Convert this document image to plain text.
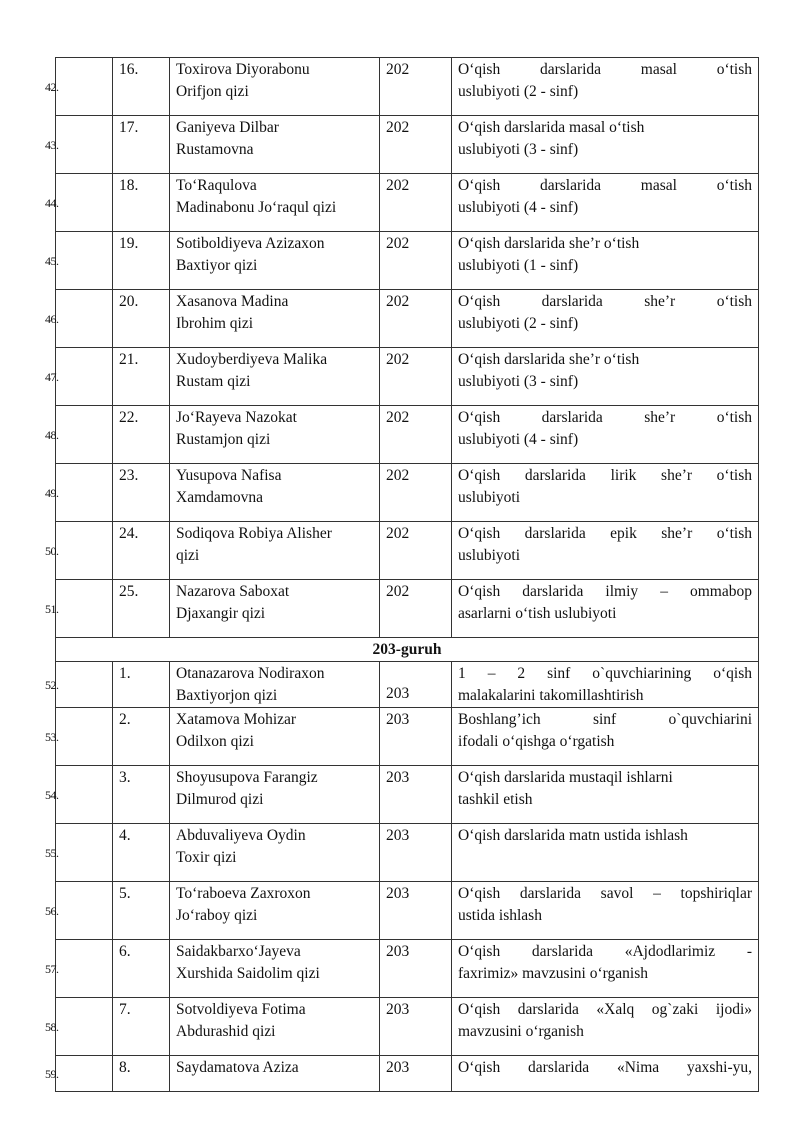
42.	16.	Toxirova Diyorabonu
Orifjon qizi	202	O‘qish darslarida masal o‘tish
uslubiyoti (2 - sinf)

43.	17.	Ganiyeva Dilbar
Rustamovna	202	O‘qish darslarida masal o‘tish
uslubiyoti (3 - sinf)

44.	18.	To‘Raqulova
Madinabonu Jo‘raqul qizi	202	O‘qish darslarida masal o‘tish
uslubiyoti (4 - sinf)

45.	19.	Sotiboldiyeva Azizaxon
Baxtiyor qizi	202	O‘qish darslarida she’r o‘tish
uslubiyoti (1 - sinf)

46.	20.	Xasanova Madina
Ibrohim qizi	202	O‘qish darslarida she’r o‘tish
uslubiyoti (2 - sinf)

47.	21.	Xudoyberdiyeva Malika
Rustam qizi	202	O‘qish darslarida she’r o‘tish
uslubiyoti (3 - sinf)

48.	22.	Jo‘Rayeva Nazokat
Rustamjon qizi	202	O‘qish darslarida she’r o‘tish
uslubiyoti (4 - sinf)

49.	23.	Yusupova Nafisa
Xamdamovna	202	O‘qish darslarida lirik she’r o‘tish
uslubiyoti

50.	24.	Sodiqova Robiya Alisher
qizi	202	O‘qish darslarida epik she’r o‘tish
uslubiyoti

51.	25.	Nazarova Saboxat
Djaxangir qizi	202	O‘qish darslarida ilmiy – ommabop
asarlarni o‘tish uslubiyoti

203-guruh				

52.	1.	Otanazarova Nodiraxon
Baxtiyorjon qizi	203	1 – 2 sinf o`quvchiarining o‘qish
malakalarini takomillashtirish

53.	2.	Xatamova Mohizar
Odilxon qizi	203	Boshlang’ich sinf o`quvchiarini
ifodali o‘qishga o‘rgatish

54.	3.	Shoyusupova Farangiz
Dilmurod qizi	203	O‘qish darslarida mustaqil ishlarni
tashkil etish

55.	4.	Abduvaliyeva Oydin
Toxir qizi	203	O‘qish darslarida matn ustida ishlash

56.	5.	To‘raboeva Zaxroxon
Jo‘raboy qizi	203	O‘qish darslarida savol – topshiriqlar
ustida ishlash

57.	6.	Saidakbarxo‘Jayeva
Xurshida Saidolim qizi	203	O‘qish darslarida «Ajdodlarimiz -
faxrimiz» mavzusini o‘rganish

58.	7.	Sotvoldiyeva Fotima
Abdurashid qizi	203	O‘qish darslarida «Xalq og`zaki ijodi»
mavzusini o‘rganish

59.	8.	Saydamatova Aziza	203	O‘qish darslarida «Nima yaxshi-yu,
